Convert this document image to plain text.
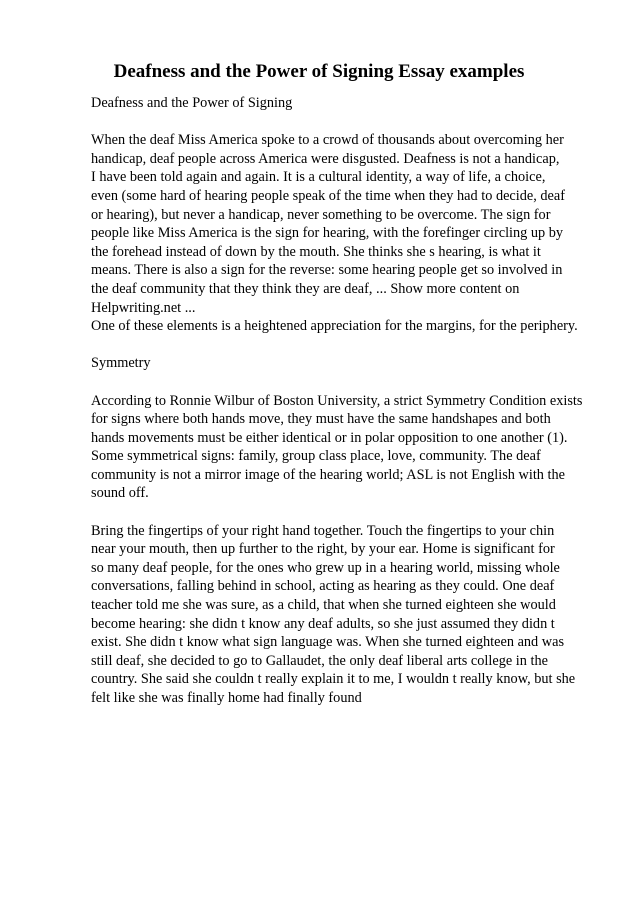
Deafness and the Power of Signing Essay examples
Deafness and the Power of Signing
When the deaf Miss America spoke to a crowd of thousands about overcoming her
handicap, deaf people across America were disgusted. Deafness is not a handicap,
I have been told again and again. It is a cultural identity, a way of life, a choice,
even (some hard of hearing people speak of the time when they had to decide, deaf
or hearing), but never a handicap, never something to be overcome. The sign for
people like Miss America is the sign for hearing, with the forefinger circling up by
the forehead instead of down by the mouth. She thinks she s hearing, is what it
means. There is also a sign for the reverse: some hearing people get so involved in
the deaf community that they think they are deaf, ... Show more content on
Helpwriting.net ...
One of these elements is a heightened appreciation for the margins, for the periphery.
Symmetry
According to Ronnie Wilbur of Boston University, a strict Symmetry Condition exists
for signs where both hands move, they must have the same handshapes and both
hands movements must be either identical or in polar opposition to one another (1).
Some symmetrical signs: family, group class place, love, community. The deaf
community is not a mirror image of the hearing world; ASL is not English with the
sound off.
Bring the fingertips of your right hand together. Touch the fingertips to your chin
near your mouth, then up further to the right, by your ear. Home is significant for
so many deaf people, for the ones who grew up in a hearing world, missing whole
conversations, falling behind in school, acting as hearing as they could. One deaf
teacher told me she was sure, as a child, that when she turned eighteen she would
become hearing: she didn t know any deaf adults, so she just assumed they didn t
exist. She didn t know what sign language was. When she turned eighteen and was
still deaf, she decided to go to Gallaudet, the only deaf liberal arts college in the
country. She said she couldn t really explain it to me, I wouldn t really know, but she
felt like she was finally home had finally found
